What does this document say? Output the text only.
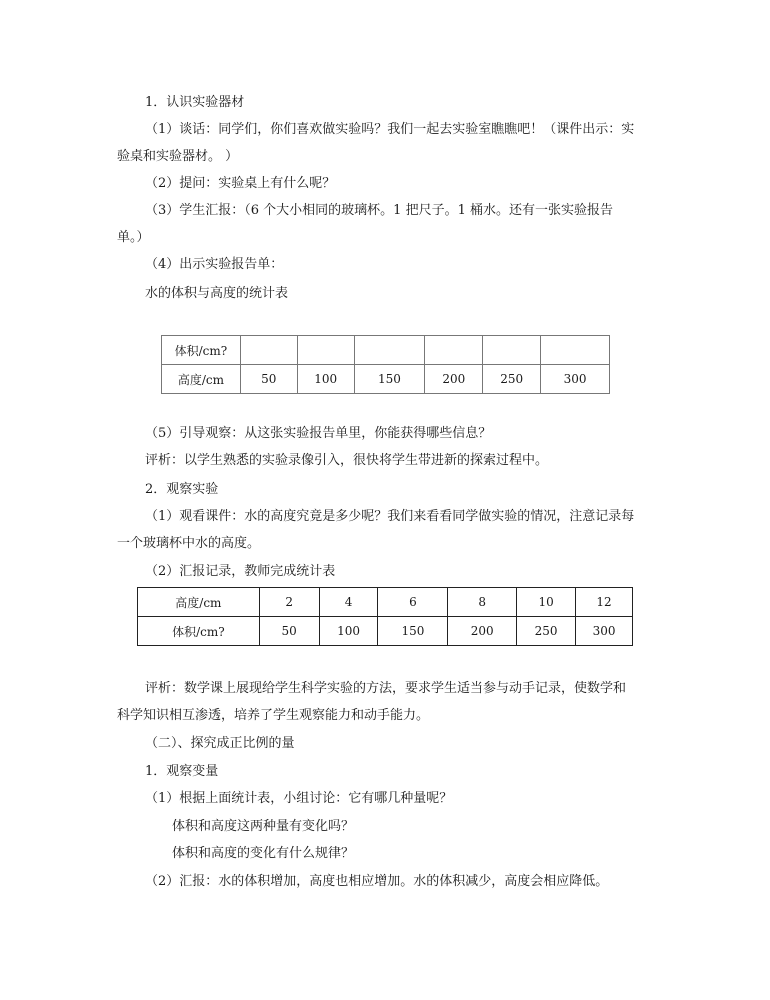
1．认识实验器材
（1）谈话：同学们，你们喜欢做实验吗？我们一起去实验室瞧瞧吧！（课件出示：实
验桌和实验器材。 ）
（2）提问：实验桌上有什么呢？
（3）学生汇报：（6 个大小相同的玻璃杯。1 把尺子。1 桶水。还有一张实验报告
单。）
（4）出示实验报告单：
水的体积与高度的统计表
体积/cm?						
高度/cm	50	100	150	200	250	300
（5）引导观察：从这张实验报告单里，你能获得哪些信息？
评析：以学生熟悉的实验录像引入，很快将学生带进新的探索过程中。
2．观察实验
（1）观看课件：水的高度究竟是多少呢？我们来看看同学做实验的情况，注意记录每
一个玻璃杯中水的高度。
（2）汇报记录，教师完成统计表
高度/cm	2	4	6	8	10	12
体积/cm?	50	100	150	200	250	300
评析：数学课上展现给学生科学实验的方法，要求学生适当参与动手记录，使数学和
科学知识相互渗透，培养了学生观察能力和动手能力。
（二）、探究成正比例的量
1．观察变量
（1）根据上面统计表，小组讨论：它有哪几种量呢？
体积和高度这两种量有变化吗？
体积和高度的变化有什么规律？
（2）汇报：水的体积增加，高度也相应增加。水的体积减少，高度会相应降低。
